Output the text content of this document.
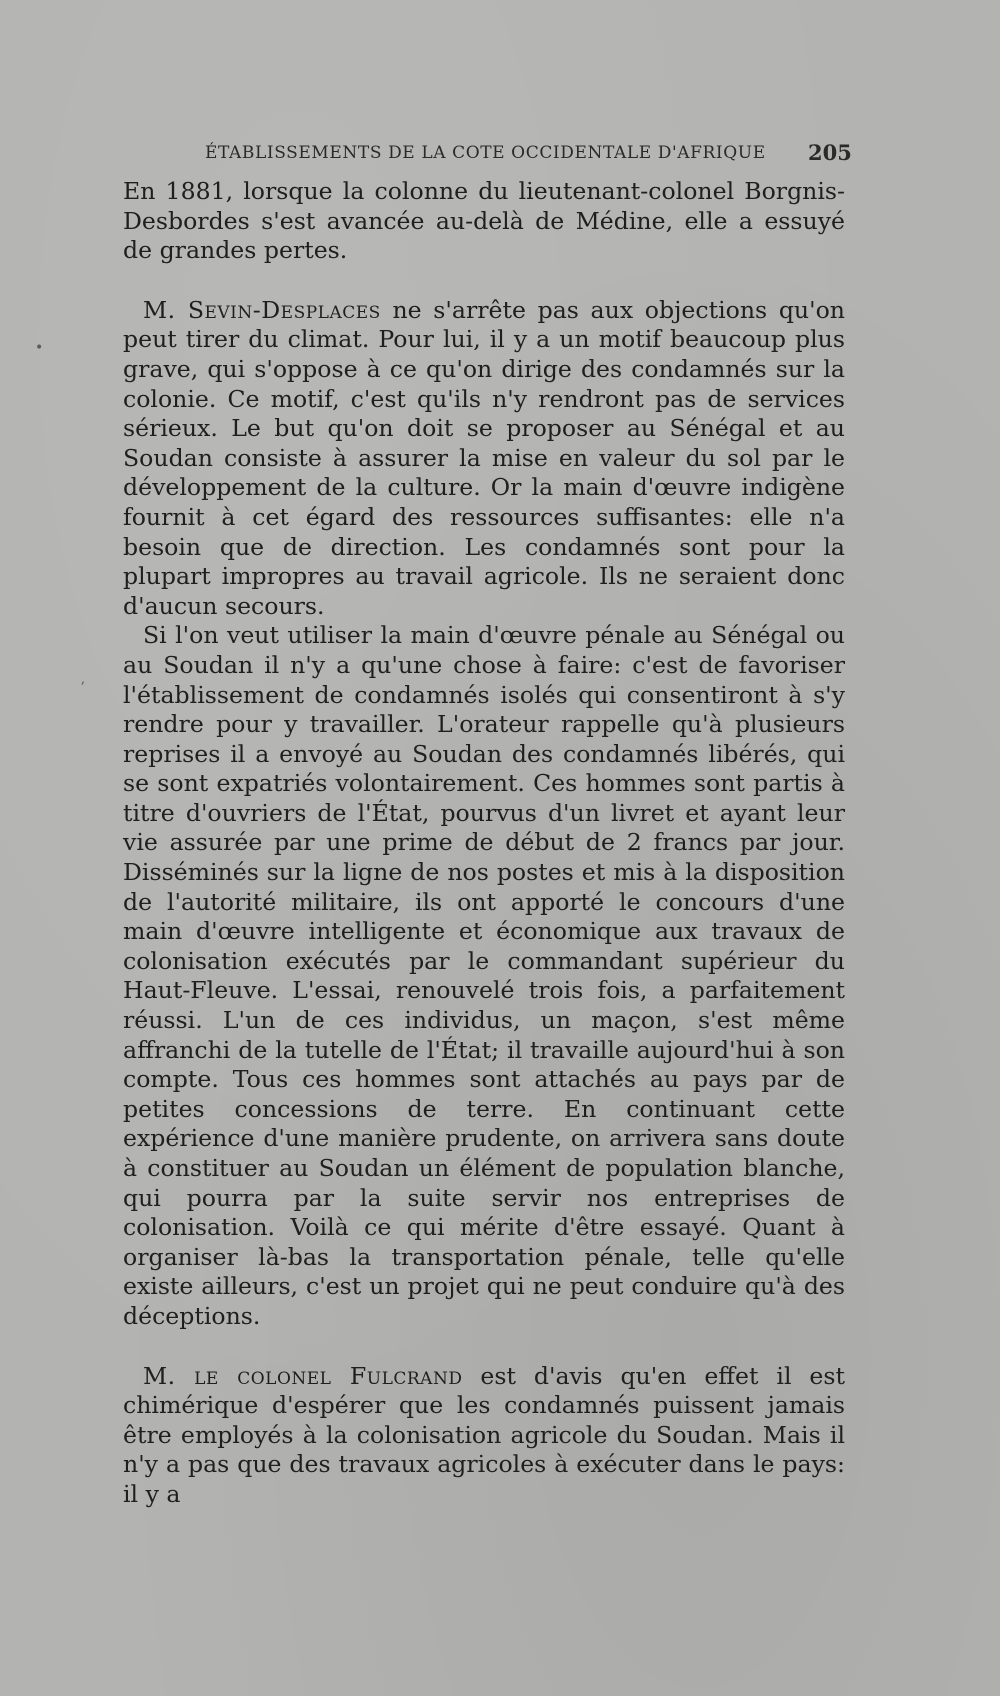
ÉTABLISSEMENTS DE LA COTE OCCIDENTALE D'AFRIQUE	205
•
ʼ

En 1881, lorsque la colonne du lieutenant-colonel Borgnis-Desbordes s'est avancée au-delà de Médine, elle a essuyé de grandes pertes.

M. Sevin-Desplaces ne s'arrête pas aux objections qu'on peut tirer du climat. Pour lui, il y a un motif beaucoup plus grave, qui s'oppose à ce qu'on dirige des condamnés sur la colonie. Ce motif, c'est qu'ils n'y rendront pas de services sérieux. Le but qu'on doit se proposer au Sénégal et au Soudan consiste à assurer la mise en valeur du sol par le développement de la culture. Or la main d'œuvre indigène fournit à cet égard des ressources suffisantes: elle n'a besoin que de direction. Les condamnés sont pour la plupart impropres au travail agricole. Ils ne seraient donc d'aucun secours.

Si l'on veut utiliser la main d'œuvre pénale au Sénégal ou au Soudan il n'y a qu'une chose à faire: c'est de favoriser l'établissement de condamnés isolés qui consentiront à s'y rendre pour y travailler. L'orateur rappelle qu'à plusieurs reprises il a envoyé au Soudan des condamnés libérés, qui se sont expatriés volontairement. Ces hommes sont partis à titre d'ouvriers de l'État, pourvus d'un livret et ayant leur vie assurée par une prime de début de 2 francs par jour. Disséminés sur la ligne de nos postes et mis à la disposition de l'autorité militaire, ils ont apporté le concours d'une main d'œuvre intelligente et économique aux travaux de colonisation exécutés par le commandant supérieur du Haut-Fleuve. L'essai, renouvelé trois fois, a parfaitement réussi. L'un de ces individus, un maçon, s'est même affranchi de la tutelle de l'État; il travaille aujourd'hui à son compte. Tous ces hommes sont attachés au pays par de petites concessions de terre. En continuant cette expérience d'une manière prudente, on arrivera sans doute à constituer au Soudan un élément de population blanche, qui pourra par la suite servir nos entreprises de colonisation. Voilà ce qui mérite d'être essayé. Quant à organiser là-bas la transportation pénale, telle qu'elle existe ailleurs, c'est un projet qui ne peut conduire qu'à des déceptions.

M. le colonel Fulcrand est d'avis qu'en effet il est chimérique d'espérer que les condamnés puissent jamais être employés à la colonisation agricole du Soudan. Mais il n'y a pas que des travaux agricoles à exécuter dans le pays: il y a
